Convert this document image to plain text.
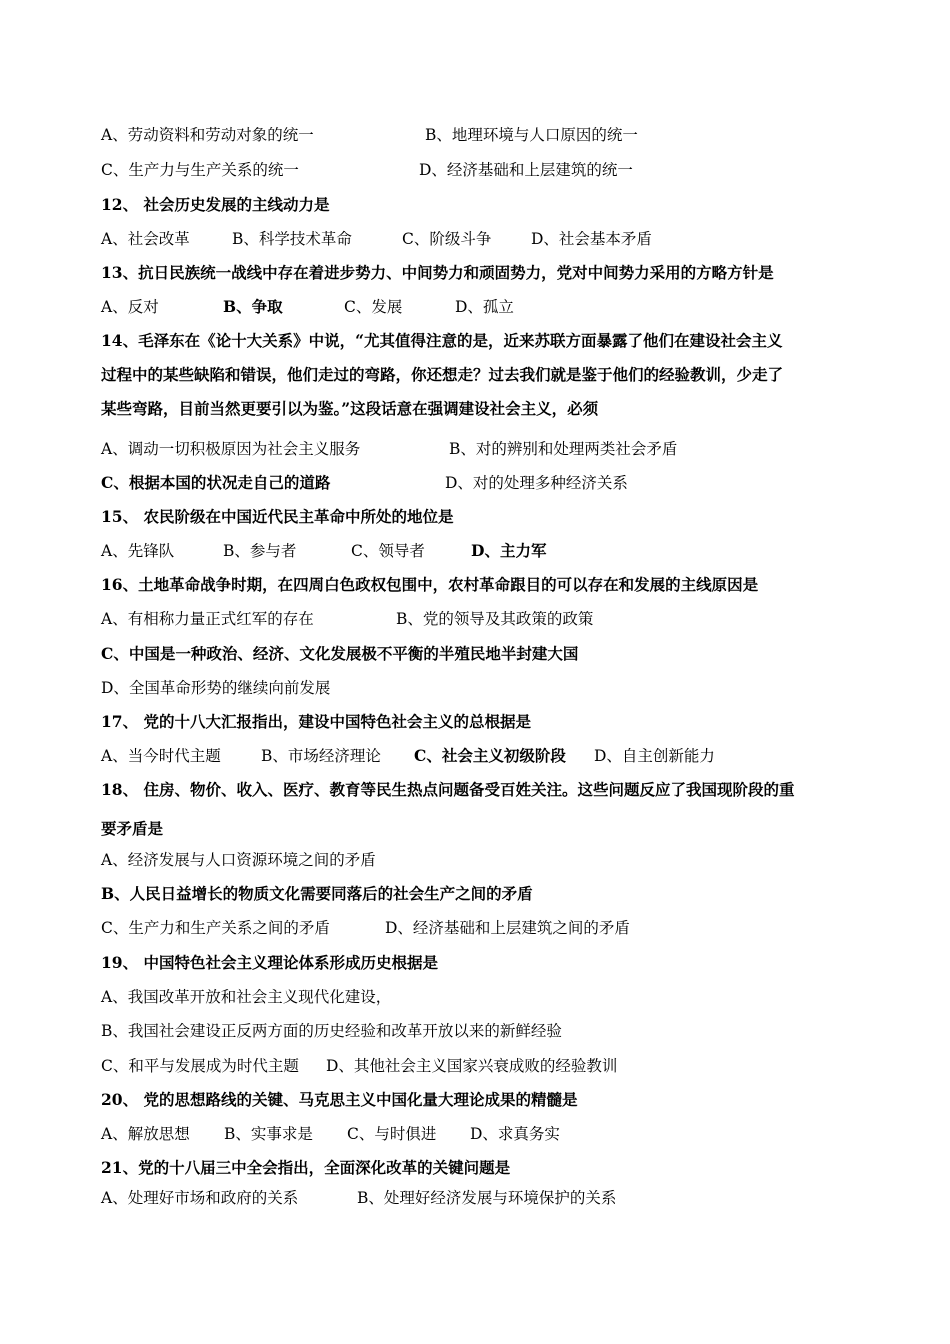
A、劳动资料和劳动对象的统一	B、地理环境与人口原因的统一
C、生产力与生产关系的统一	D、经济基础和上层建筑的统一
12、 社会历史发展的主线动力是
A、社会改革	B、科学技术革命	C、阶级斗争	D、社会基本矛盾
13、抗日民族统一战线中存在着进步势力、中间势力和顽固势力，党对中间势力采用的方略方针是
A、反对	B、争取	C、发展	D、孤立
14、毛泽东在《论十大关系》中说，“尤其值得注意的是，近来苏联方面暴露了他们在建设社会主义
过程中的某些缺陷和错误，他们走过的弯路，你还想走？过去我们就是鉴于他们的经验教训，少走了
某些弯路，目前当然更要引以为鉴。”这段话意在强调建设社会主义，必须
A、调动一切积极原因为社会主义服务	B、对的辨别和处理两类社会矛盾
C、根据本国的状况走自己的道路	D、对的处理多种经济关系
15、 农民阶级在中国近代民主革命中所处的地位是
A、先锋队	B、参与者	C、领导者	D、主力军
16、土地革命战争时期，在四周白色政权包围中，农村革命跟目的可以存在和发展的主线原因是
A、有相称力量正式红军的存在	B、党的领导及其政策的政策
C、中国是一种政治、经济、文化发展极不平衡的半殖民地半封建大国
D、全国革命形势的继续向前发展
17、 党的十八大汇报指出，建设中国特色社会主义的总根据是
A、当今时代主题	B、市场经济理论 C、社会主义初级阶段 D、自主创新能力
18、 住房、物价、收入、医疗、教育等民生热点问题备受百姓关注。这些问题反应了我国现阶段的重
要矛盾是
A、经济发展与人口资源环境之间的矛盾
B、人民日益增长的物质文化需要同落后的社会生产之间的矛盾
C、生产力和生产关系之间的矛盾	D、经济基础和上层建筑之间的矛盾
19、 中国特色社会主义理论体系形成历史根据是
A、我国改革开放和社会主义现代化建设，
B、我国社会建设正反两方面的历史经验和改革开放以来的新鲜经验
C、和平与发展成为时代主题 D、其他社会主义国家兴衰成败的经验教训
20、 党的思想路线的关键、马克思主义中国化量大理论成果的精髓是
A、解放思想 B、实事求是 C、与时俱进 D、求真务实
21、党的十八届三中全会指出，全面深化改革的关键问题是
A、处理好市场和政府的关系	B、处理好经济发展与环境保护的关系
